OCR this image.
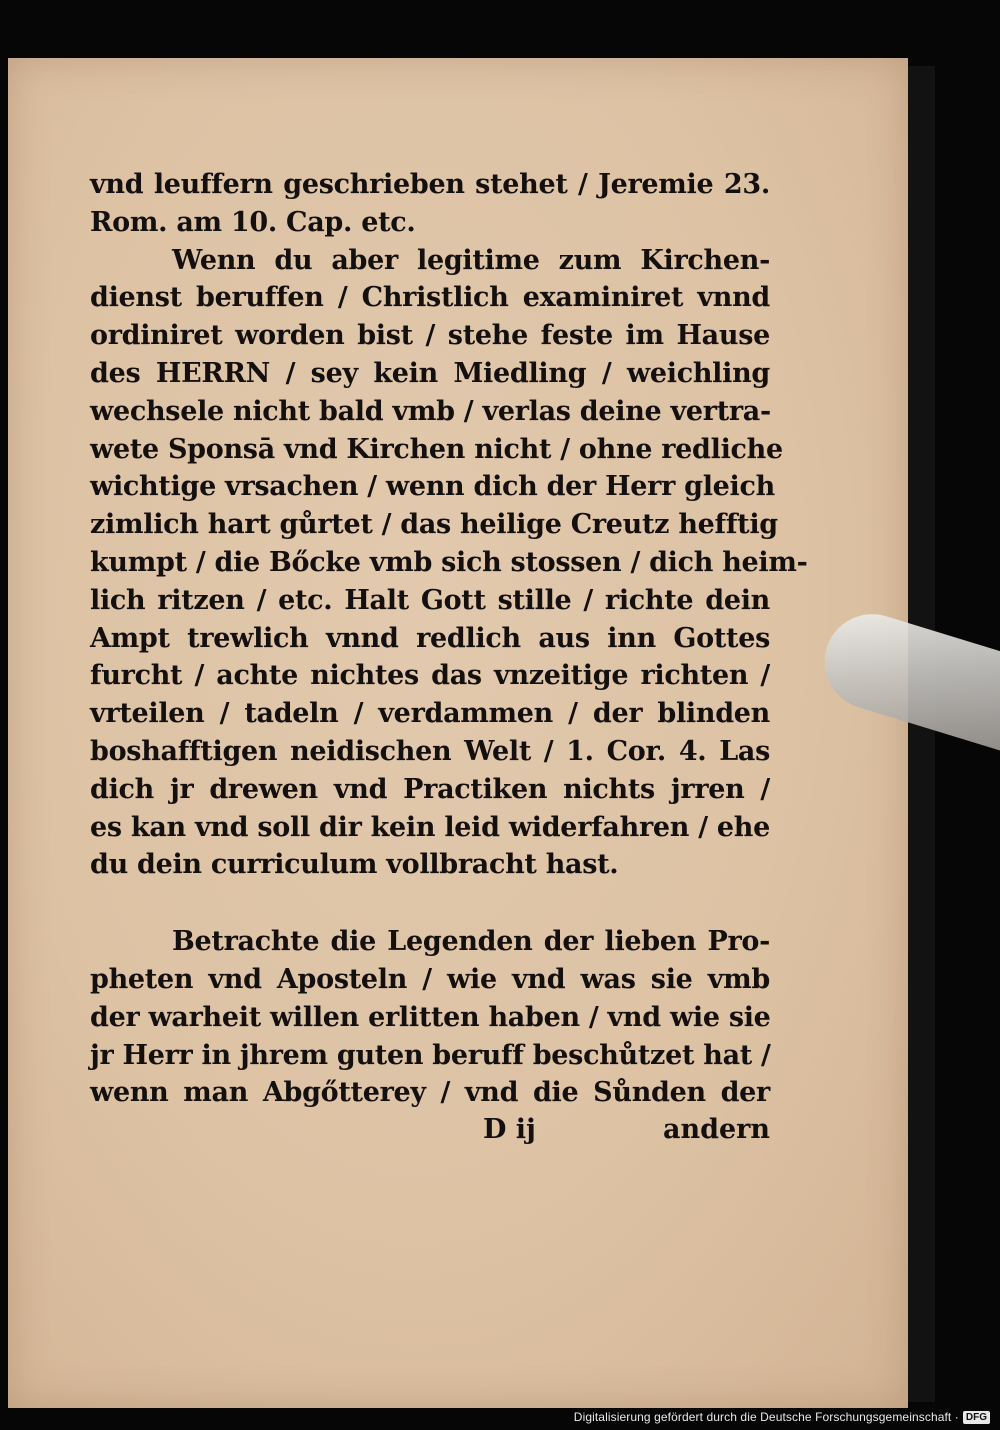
vnd leuffern geschrieben stehet / Jeremie 23.
Rom. am 10. Cap. etc.
Wenn du aber legitime zum Kirchen-
dienst beruffen / Christlich examiniret vnnd
ordiniret worden bist / stehe feste im Hause
des HERRN / sey kein Miedling / weichling
wechsele nicht bald vmb / verlas deine vertra-
wete Sponsā vnd Kirchen nicht / ohne redliche
wichtige vrsachen / wenn dich der Herr gleich
zimlich hart gůrtet / das heilige Creutz hefftig
kumpt / die Bőcke vmb sich stossen / dich heim-
lich ritzen / etc. Halt Gott stille / richte dein
Ampt trewlich vnnd redlich aus inn Gottes
furcht / achte nichtes das vnzeitige richten /
vrteilen / tadeln / verdammen / der blinden
boshafftigen neidischen Welt / 1. Cor. 4. Las
dich jr drewen vnd Practiken nichts jrren /
es kan vnd soll dir kein leid widerfahren / ehe
du dein curriculum vollbracht hast.
Betrachte die Legenden der lieben Pro-
pheten vnd Aposteln / wie vnd was sie vmb
der warheit willen erlitten haben / vnd wie sie
jr Herr in jhrem guten beruff beschůtzet hat /
wenn man Abgőtterey / vnd die Sůnden der
D ij	andern
Digitalisierung gefördert durch die Deutsche Forschungsgemeinschaft · DFG
